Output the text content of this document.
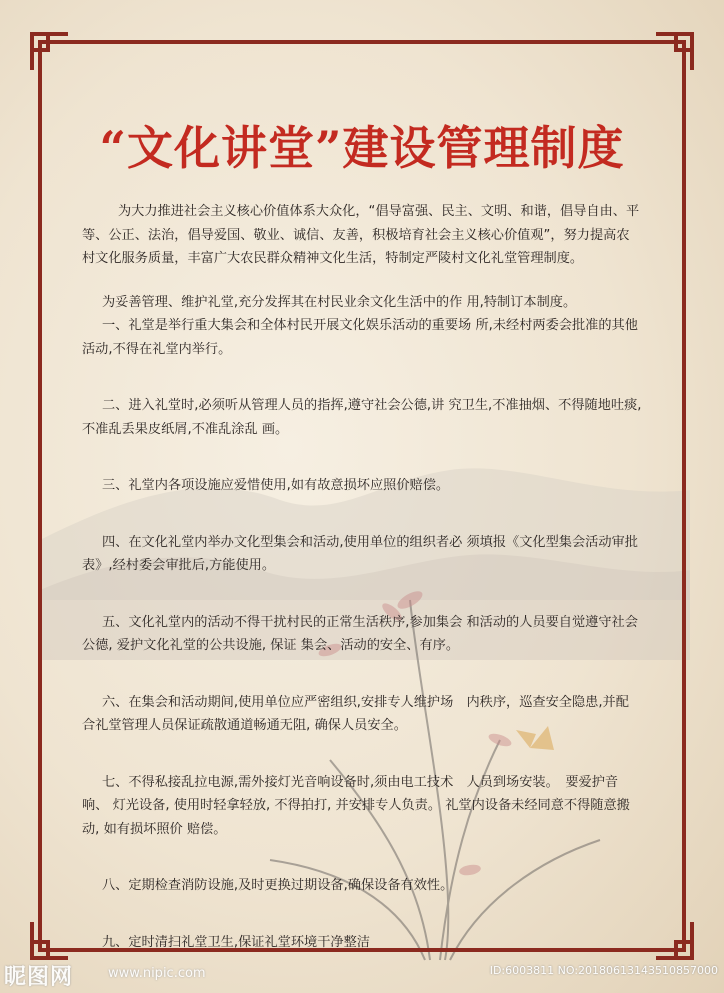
“文化讲堂”建设管理制度

为大力推进社会主义核心价值体系大众化，“倡导富强、民主、文明、和谐，倡导自由、平等、公正、法治，倡导爱国、敬业、诚信、友善，积极培育社会主义核心价值观”，努力提高农村文化服务质量，丰富广大农民群众精神文化生活，特制定严陵村文化礼堂管理制度。

为妥善管理、维护礼堂,充分发挥其在村民业余文化生活中的作 用,特制订本制度。

一、礼堂是举行重大集会和全体村民开展文化娱乐活动的重要场 所,未经村两委会批准的其他活动,不得在礼堂内举行。

二、进入礼堂时,必须听从管理人员的指挥,遵守社会公德,讲 究卫生,不准抽烟、不得随地吐痰,不准乱丢果皮纸屑,不准乱涂乱 画。

三、礼堂内各项设施应爱惜使用,如有故意损坏应照价赔偿。

四、在文化礼堂内举办文化型集会和活动,使用单位的组织者必 须填报《文化型集会活动审批表》,经村委会审批后,方能使用。

五、文化礼堂内的活动不得干扰村民的正常生活秩序,参加集会 和活动的人员要自觉遵守社会公德, 爱护文化礼堂的公共设施, 保证 集会、活动的安全、有序。

六、在集会和活动期间,使用单位应严密组织,安排专人维护场　内秩序，巡查安全隐患,并配合礼堂管理人员保证疏散通道畅通无阻, 确保人员安全。

七、不得私接乱拉电源,需外接灯光音响设备时,须由电工技术　人员到场安装。　要爱护音响、 灯光设备, 使用时轻拿轻放, 不得拍打, 并安排专人负责。 礼堂内设备未经同意不得随意搬动, 如有损坏照价 赔偿。

八、定期检查消防设施,及时更换过期设备,确保设备有效性。

九、定时清扫礼堂卫生,保证礼堂环境干净整洁

昵图网	www.nipic.com	ID:6003811 NO:20180613143510857000
